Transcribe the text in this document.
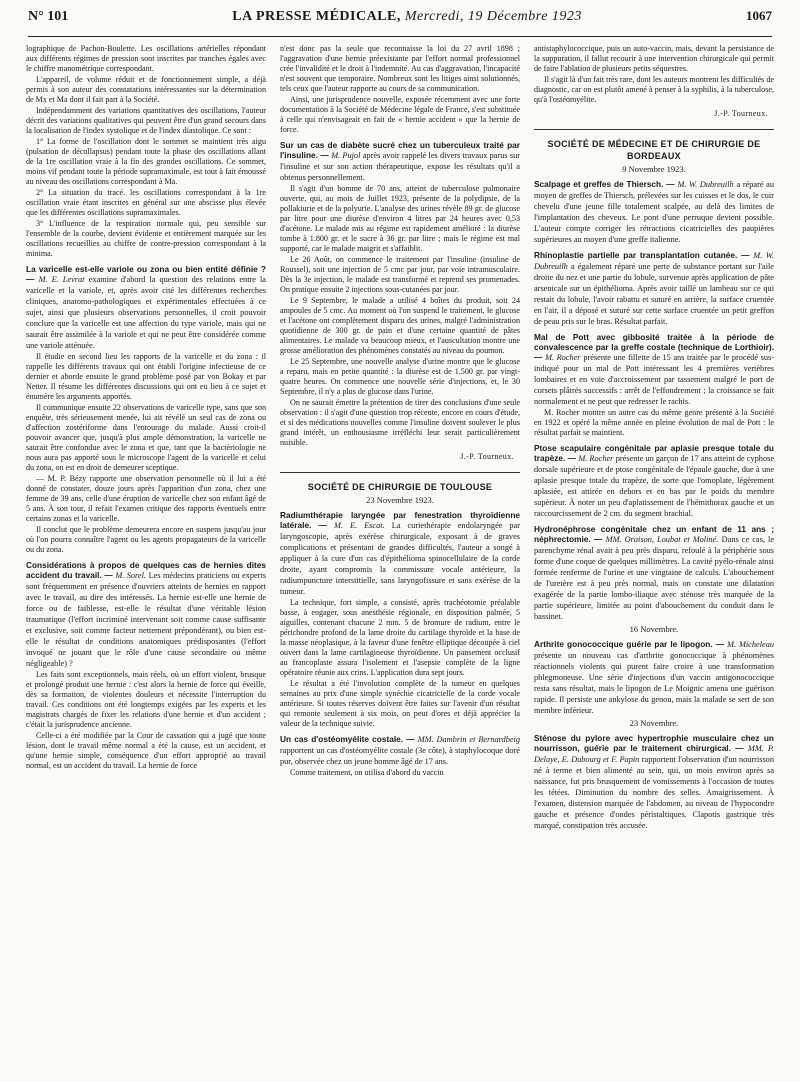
N° 101	LA PRESSE MÉDICALE, Mercredi, 19 Décembre 1923	1067

lographique de Pachon-Boulette. Les oscillations artérielles répondant aux différents régimes de pression sont inscrites par tranches égales avec le chiffre manométrique correspondant.

L'appareil, de volume réduit et de fonctionnement simple, a déjà permis à son auteur des constatations intéressantes sur la détermination de Mx et Ma dont il fait part à la Société.

Indépendamment des variations quantitatives des oscillations, l'auteur décrit des variations qualitatives qui peuvent être d'un grand secours dans la localisation de l'index systolique et de l'index diastolique. Ce sont :

1° La forme de l'oscillation dont le sommet se maintient très aigu (pulsation de décollapsus) pendant toute la phase des oscillations allant de la 1re oscillation vraie à la fin des grandes oscillations. Ce sommet, moins vif pendant toute la période supramaximale, est tout à fait émoussé au niveau des oscillations correspondant à Ma.

2° La situation du tracé. les oscillations correspondant à la 1re oscillation vraie étant inscrites en général sur une abscisse plus élevée que les différentes oscillations supramaximales.

3° L'influence de la respiration normale qui, peu sensible sur l'ensemble de la courbe, devient évidente et entièrement marquée sur les oscillations recueillies au chiffre de contre-pression correspondant à la minima.

La varicelle est-elle variole ou zona ou bien entité définie ? — M. E. Levrat examine d'abord la question des relations entre la varicelle et la variole, et, après avoir cité les différentes recherches cliniques, anatomo-pathologiques et expérimentales effectuées à ce sujet, ainsi que plusieurs observations personnelles, il croit pouvoir conclure que la varicelle est une affection du type variole, mais qui ne saurait être assimilée à la variole et qui ne peut être considérée comme une variole atténuée.

Il étudie en second lieu les rapports de la varicelle et du zona : il rappelle les différents travaux qui ont établi l'origine infectieuse de ce dernier et aborde ensuite le grand problème posé par von Bokay et par Netter. Il résume les différentes discussions qui ont eu lieu à ce sujet et énumère les arguments apportés.

Il communique ensuite 22 observations de varicelle type, sans que son enquête, très sérieusement menée, lui ait révélé un seul cas de zona ou d'affection zostériforme dans l'entourage du malade. Aussi croit-il pouvoir avancer que, jusqu'à plus ample démonstration, la varicelle ne saurait être confondue avec le zona et que, tant que la bactériologie ne nous aura pas apporté sous le microscope l'agent de la varicelle et celui du zona, on est en droit de demeurer sceptique.

— M. P. Bézy rapporte une observation personnelle où il lui a été donné de constater, douze jours après l'apparition d'un zona, chez une femme de 39 ans, celle d'une éruption de varicelle chez son enfant âgé de 5 ans. À son tour, il refait l'examen critique des rapports éventuels entre certains zonas et la varicelle.

Il conclut que le problème demeurera encore en suspens jusqu'au jour où l'on pourra connaître l'agent ou les agents propagateurs de la varicelle ou du zona.

Considérations à propos de quelques cas de hernies dites accident du travail. — M. Sorel. Les médecins praticiens ou experts sont fréquemment en présence d'ouvriers atteints de hernies en rapport avec le travail, au dire des intéressés. La hernie est-elle une hernie de force ou de faiblesse, est-elle le résultat d'une véritable lésion traumatique (l'effort incriminé intervenant soit comme cause suffisante et exclusive, soit comme facteur nettement prépondérant), ou bien est-elle le résultat de conditions anatomiques prédisposantes (l'effort invoqué ne jouant que le rôle d'une cause secondaire ou même négligeable) ?

Les faits sont exceptionnels, mais réels, où un effort violent, brusque et prolongé produit une hernie : c'est alors la hernie de force qui éveille, dès sa formation, de violentes douleurs et nécessite l'interruption du travail. Ces conditions ont été longtemps exigées par les experts et les magistrats chargés de fixer les relations d'une hernie et d'un accident ; c'était la jurisprudence ancienne.

Celle-ci a été modifiée par la Cour de cassation qui a jugé que toute lésion, dont le travail même normal a été la cause, est un accident, et qu'une hernie simple, conséquence d'un effort approprié au travail normal, est un accident du travail. La hernie de force

n'est donc pas la seule que reconnaisse la loi du 27 avril 1898 ; l'aggravation d'une hernie préexistante par l'effort normal professionnel crée l'invalidité et le droit à l'indemnité. Au cas d'aggravation, l'incapacité n'est souvent que temporaire. Nombreux sont les litiges ainsi solutionnés, tels ceux que l'auteur rapporte au cours de sa communication.

Ainsi, une jurisprudence nouvelle, exposée récemment avec une forte documentation à la Société de Médecine légale de France, s'est substituée à celle qui n'envisageait en fait de « hernie accident » que la hernie de force.

Sur un cas de diabète sucré chez un tuberculeux traité par l'insuline. — M. Pujol après avoir rappelé les divers travaux parus sur l'insuline et sur son action thérapeutique, expose les résultats qu'il a obtenus personnellement.

Il s'agit d'un homme de 70 ans, atteint de tuberculose pulmonaire ouverte, qui, au mois de Juillet 1923, présente de la polydipsie, de la pollakiurie et de la polyurie. L'analyse des urines révèle 89 gr. de glucose par litre pour une diurèse d'environ 4 litres par 24 heures avec 0,53 d'acétone. Le malade mis au régime est rapidement amélioré : la diurèse tombe à 1.800 gr. et le sucre à 36 gr. par litre ; mais le régime est mal supporté, car le malade maigrit et s'affaiblit.

Le 26 Août, on commence le traitement par l'insuline (insuline de Roussel), soit une injection de 5 cmc par jour, par voie intramusculaire. Dès la 3e injection, le malade est transformé et reprend ses promenades. On pratique ensuite 2 injections sous-cutanées par jour.

Le 9 Septembre, le malade a utilisé 4 boîtes du produit, soit 24 ampoules de 5 cmc. Au moment où l'on suspend le traitement, le glucose et l'acétone ont complètement disparu des urines, malgré l'administration quotidienne de 300 gr. de pain et d'une certaine quantité de pâtes alimentaires. Le malade va beaucoup mieux, et l'auscultation montre une grosse amélioration des phénomènes constatés au niveau du poumon.

Le 25 Septembre, une nouvelle analyse d'urine montre que le glucose a reparu, mais en petite quantité : la diurèse est de 1.500 gr. par vingt-quatre heures. On commence une nouvelle série d'injections, et, le 30 Septembre, il n'y a plus de glucose dans l'urine.

On ne saurait émettre la prétention de tirer des conclusions d'une seule observation : il s'agit d'une question trop récente, encore en cours d'étude, et si des médications nouvelles comme l'insuline doivent soulever le plus grand intérêt, un enthousiasme irréfléchi leur serait particulièrement nuisible.

J.-P. Tourneux.
SOCIÉTÉ DE CHIRURGIE DE TOULOUSE
23 Novembre 1923.
Radiumthérapie laryngée par fenestration thyroïdienne latérale. — M. E. Escat. La curiethérapie endolaryngée par laryngoscopie, après exérèse chirurgicale, exposant à de graves complications et présentant de grandes difficultés, l'auteur a songé à appliquer à la cure d'un cas d'épithélioma spinocellulaire de la corde droite, ayant compromis la commissure vocale antérieure, la radiumpuncture interstitielle, sans laryngofissure et sans exérèse de la tumeur.

La technique, fort simple, a consisté, après trachéotomie préalable basse, à engager, sous anesthésie régionale, en disposition palmée, 5 aiguilles, contenant chacune 2 mm. 5 de bromure de radium, entre le périchondre profond de la lame droite du cartilage thyroïde et la base de la masse néoplasique, à la faveur d'une fenêtre elliptique découpée à ciel ouvert dans la lame cartilagineuse thyroïdienne. Un pansement occlusif au francoplaste assura l'isolement et l'asepsie complète de la ligne opératoire réunie aux crins. L'application dura sept jours.

Le résultat a été l'involution complète de la tumeur en quelques semaines au prix d'une simple synéchie cicatricielle de la corde vocale antérieure. Si toutes réserves doivent être faites sur l'avenir d'un résultat qui remonte seulement à six mois, on peut d'ores et déjà apprécier la valeur de la technique suivie.

Un cas d'ostéomyélite costale. — MM. Dambrin et Bernardbeig rapportent un cas d'ostéomyélite costale (3e côte), à staphylocoque doré pur, observée chez un jeune homme âgé de 17 ans.

Comme traitement, on utilisa d'abord du vaccin

antistaphylococcique, puis un auto-vaccin, mais, devant la persistance de la suppuration, il fallut recourir à une intervention chirurgicale qui permit de faire l'ablation de plusieurs petits séquestres.

Il s'agit là d'un fait très rare, dont les auteurs montrent les difficultés de diagnostic, car on est plutôt amené à penser à la syphilis, à la tuberculose, qu'à l'ostéomyélite.

J.-P. Tourneux.
SOCIÉTÉ DE MÉDECINE ET DE CHIRURGIE DE BORDEAUX
9 Novembre 1923.
Scalpage et greffes de Thiersch. — M. W. Dubreuilh a réparé au moyen de greffes de Thiersch, prélevées sur les cuisses et le dos, le cuir chevelu d'une jeune fille totalement scalpée, au delà des limites de l'implantation des cheveux. Le pont d'une perruque devient possible. L'auteur compte corriger les rétractions cicatricielles des paupières supérieures au moyen d'une greffe italienne.
Rhinoplastie partielle par transplantation cutanée. — M. W. Dubreuilh a également réparé une perte de substance portant sur l'aile droite du nez et une partie du lobule, survenue après application de pâte arsenicale sur un épithélioma. Après avoir taillé un lambeau sur ce qui restait du lobule, l'avoir rabattu et suturé en arrière, la surface cruentée en l'air, il a déposé et suturé sur cette surface cruentée un petit greffon de peau pris sur le bras. Résultat parfait.
Mal de Pott avec gibbosité traitée à la période de convalescence par la greffe costale (technique de Lorthioir). — M. Rocher présente une fillette de 15 ans traitée par le procédé sus-indiqué pour un mal de Pott intéressant les 4 premières vertèbres lombaires et en voie d'accroissement par tassement malgré le port de corsets plâtrés successifs : arrêt de l'effondrement ; la croissance se fait normalement et ne peut que redresser le rachis.

M. Rocher montre un autre cas du même genre présenté à la Société en 1922 et opéré la même année en pleine évolution de mal de Pott : le résultat parfait se maintient.

Ptose scapulaire congénitale par aplasie presque totale du trapèze. — M. Rocher présente un garçon de 17 ans atteint de cyphose dorsale supérieure et de ptose congénitale de l'épaule gauche, due à une aplasie presque totale du trapèze, de sorte que l'omoplate, légèrement aplasiée, est attirée en dehors et en bas par le poids du membre supérieur. À noter un peu d'aplatissement de l'hémithorax gauche et un raccourcissement de 2 cm. du segment brachial.
Hydronéphrose congénitale chez un enfant de 11 ans ; néphrectomie. — MM. Oraison, Loubat et Moliné. Dans ce cas, le parenchyme rénal avait à peu près disparu, refoulé à la périphérie sous forme d'une coque de quelques millimètres. La cavité pyélo-rénale ainsi formée renferme de l'urine et une vingtaine de calculs. L'abouchement de l'uretère est à peu près normal, mais on constate une dilatation exagérée de la partie lombo-iliaque avec sténose très marquée de la partie supérieure, limitée au point d'abouchement du conduit dans le bassinet.
16 Novembre.
Arthrite gonococcique guérie par le lipogon. — M. Micheleau présente un nouveau cas d'arthrite gonococcique à phénomènes réactionnels violents qui purent faire croire à une transformation phlegmoneuse. Une série d'injections d'un vaccin antigonococcique resta sans résultat, mais le lipogon de Le Moignic amena une guérison rapide. Il persiste une ankylose du genou, mais la malade se sert de son membre inférieur.
23 Novembre.
Sténose du pylore avec hypertrophie musculaire chez un nourrisson, guérie par le traitement chirurgical. — MM. P. Delaye, E. Dubourg et F. Papin rapportent l'observation d'un nourrisson né à terme et bien alimenté au sein, qui, un mois environ après sa naissance, fut pris brusquement de vomissements à l'occasion de toutes les tétées. Diminution du nombre des selles. Amaigrissement. À l'examen, distension marquée de l'abdomen, au niveau de l'hypocondre gauche et présence d'ondes péristaltiques. Clapotis gastrique très marqué, constipation très accusée.
